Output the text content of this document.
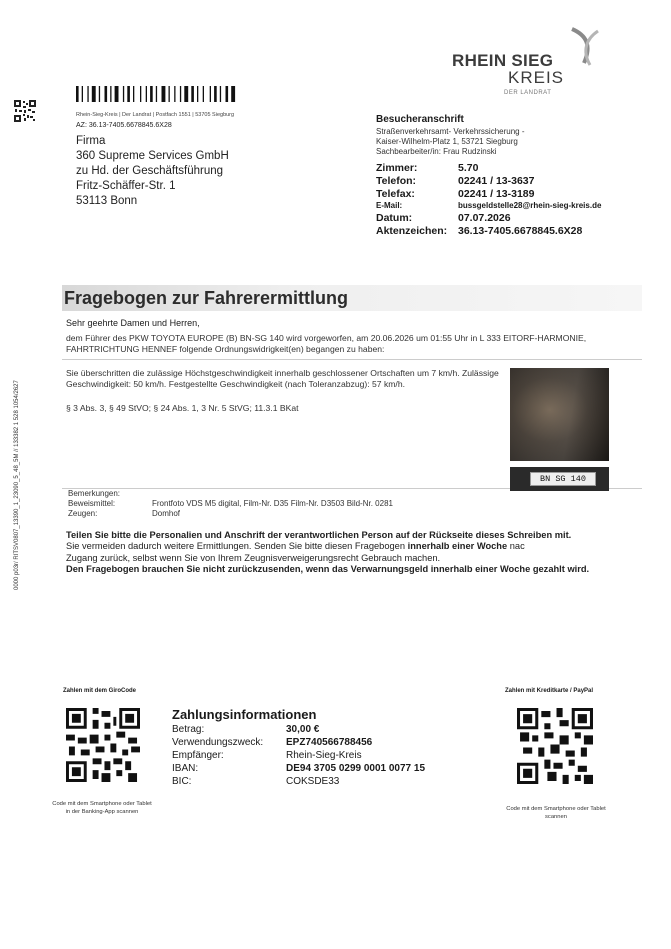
0000 p03r/ RITSV0807_13390_1_23090_5_48_5M // 133382 1 528 1054/2627
Rhein-Sieg-Kreis | Der Landrat | Postfach 1551 | 53705 Siegburg
AZ: 36.13-7405.6678845.6X28
Firma
360 Supreme Services GmbH
zu Hd. der Geschäftsführung
Fritz-Schäffer-Str. 1
53113 Bonn
RHEIN SIEG
KREIS
DER LANDRAT
Besucheranschrift
Straßenverkehrsamt- Verkehrssicherung -
Kaiser-Wilhelm-Platz 1, 53721 Siegburg
Sachbearbeiter/in: Frau Rudzinski
Zimmer:	5.70
Telefon:	02241 / 13-3637
Telefax:	02241 / 13-3189
E-Mail:	bussgeldstelle28@rhein-sieg-kreis.de
Datum:	07.07.2026
Aktenzeichen: 36.13-7405.6678845.6X28
Fragebogen zur Fahrerermittlung
Sehr geehrte Damen und Herren,
dem Führer des PKW TOYOTA EUROPE (B) BN-SG 140 wird vorgeworfen, am 20.06.2026 um 01:55 Uhr in L 333 EITORF-HARMONIE, FAHRTRICHTUNG HENNEF folgende Ordnungswidrigkeit(en) begangen zu haben:
Sie überschritten die zulässige Höchstgeschwindigkeit innerhalb geschlossener Ortschaften um 7 km/h. Zulässige Geschwindigkeit: 50 km/h. Festgestellte Geschwindigkeit (nach Toleranzabzug): 57 km/h.
§ 3 Abs. 3, § 49 StVO; § 24 Abs. 1, 3 Nr. 5 StVG; 11.3.1 BKat
BN SG 140
Bemerkungen:
Beweismittel:	Frontfoto VDS M5 digital, Film-Nr. D35 Film-Nr. D3503 Bild-Nr. 0281
Zeugen:	Domhof
Teilen Sie bitte die Personalien und Anschrift der verantwortlichen Person auf der Rückseite dieses Schreiben mit.
Sie vermeiden dadurch weitere Ermittlungen. Senden Sie bitte diesen Fragebogen innerhalb einer Woche nac
Zugang zurück, selbst wenn Sie von Ihrem Zeugnisverweigerungsrecht Gebrauch machen.
Den Fragebogen brauchen Sie nicht zurückzusenden, wenn das Verwarnungsgeld innerhalb einer Woche gezahlt wird.
Zahlen mit dem GiroCode
Code mit dem Smartphone oder Tablet in der Banking-App scannen
Zahlungsinformationen
Betrag:	30,00 €
Verwendungszweck: EPZ740566788456
Empfänger:	Rhein-Sieg-Kreis
IBAN:	DE94 3705 0299 0001 0077 15
BIC:	COKSDE33
Zahlen mit Kreditkarte / PayPal
Code mit dem Smartphone oder Tablet scannen
